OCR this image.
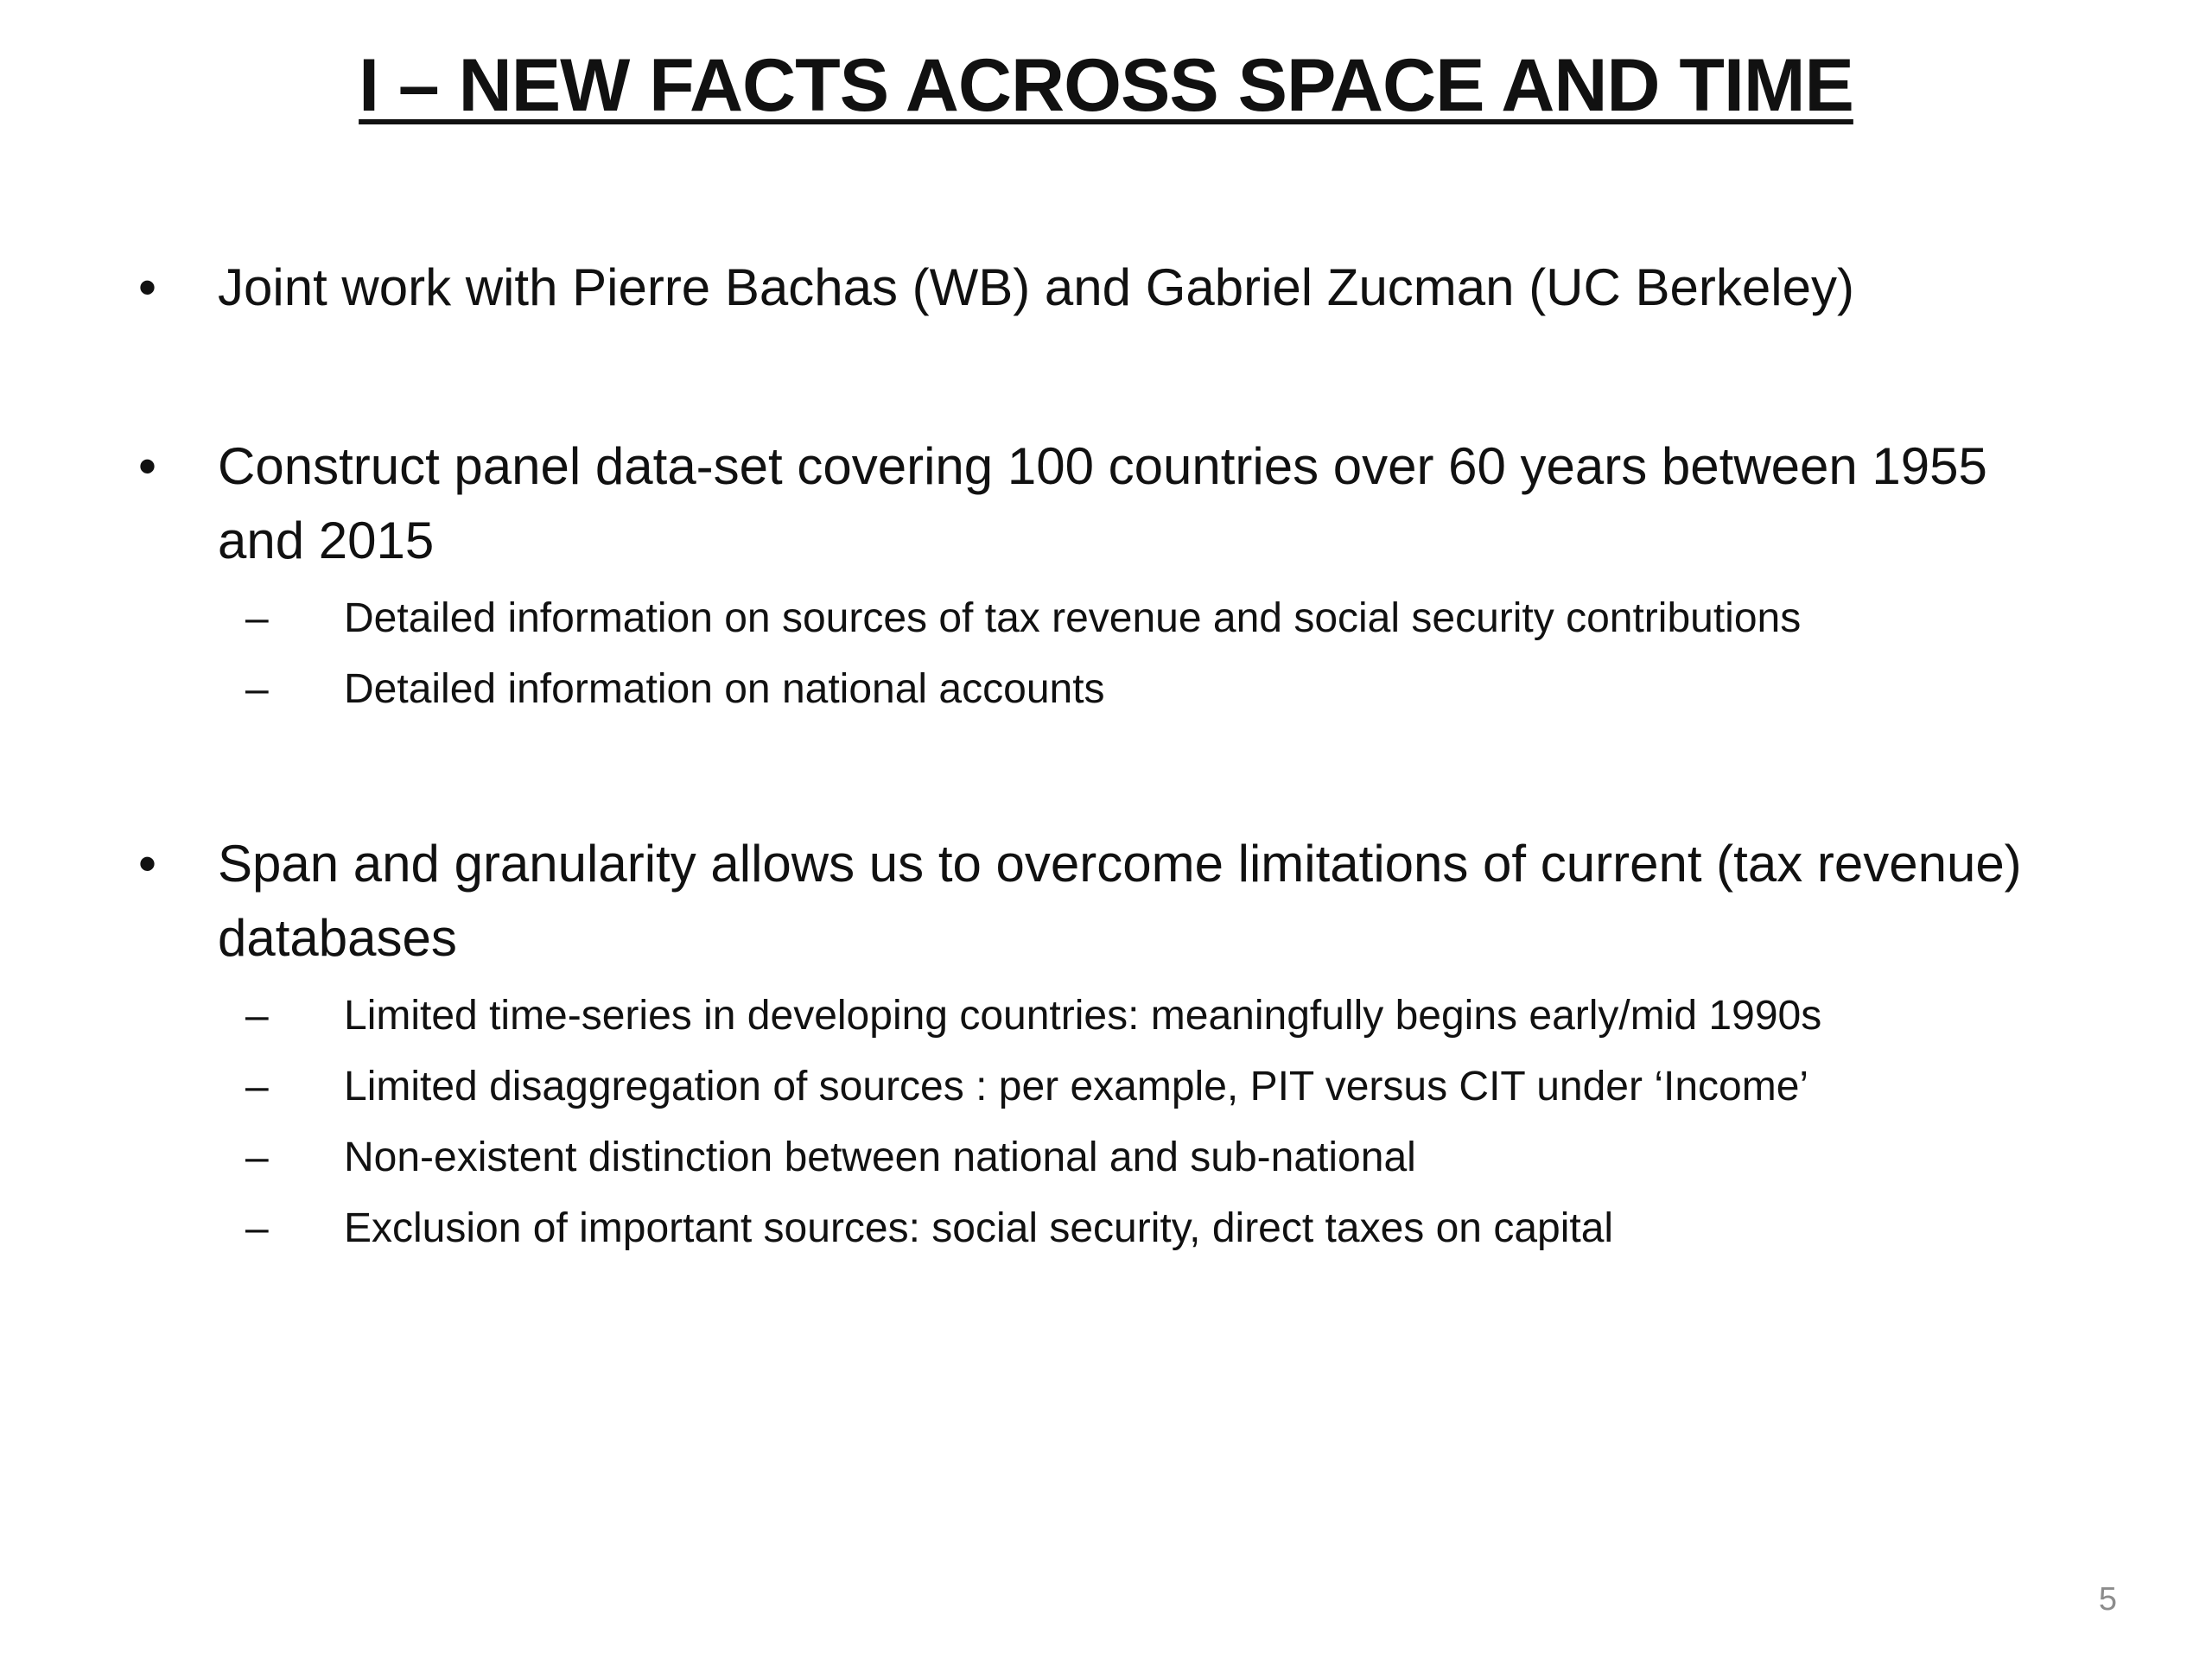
I – NEW FACTS ACROSS SPACE AND TIME
• Joint work with Pierre Bachas (WB) and Gabriel Zucman (UC Berkeley)
• Construct panel data-set covering 100 countries over 60 years between 1955 and 2015
– Detailed information on sources of tax revenue and social security contributions
– Detailed information on national accounts
• Span and granularity allows us to overcome limitations of current (tax revenue) databases
– Limited time-series in developing countries: meaningfully begins early/mid 1990s
– Limited disaggregation of sources : per example, PIT versus CIT under ‘Income’
– Non-existent distinction between national and sub-national
– Exclusion of important sources: social security, direct taxes on capital
5
